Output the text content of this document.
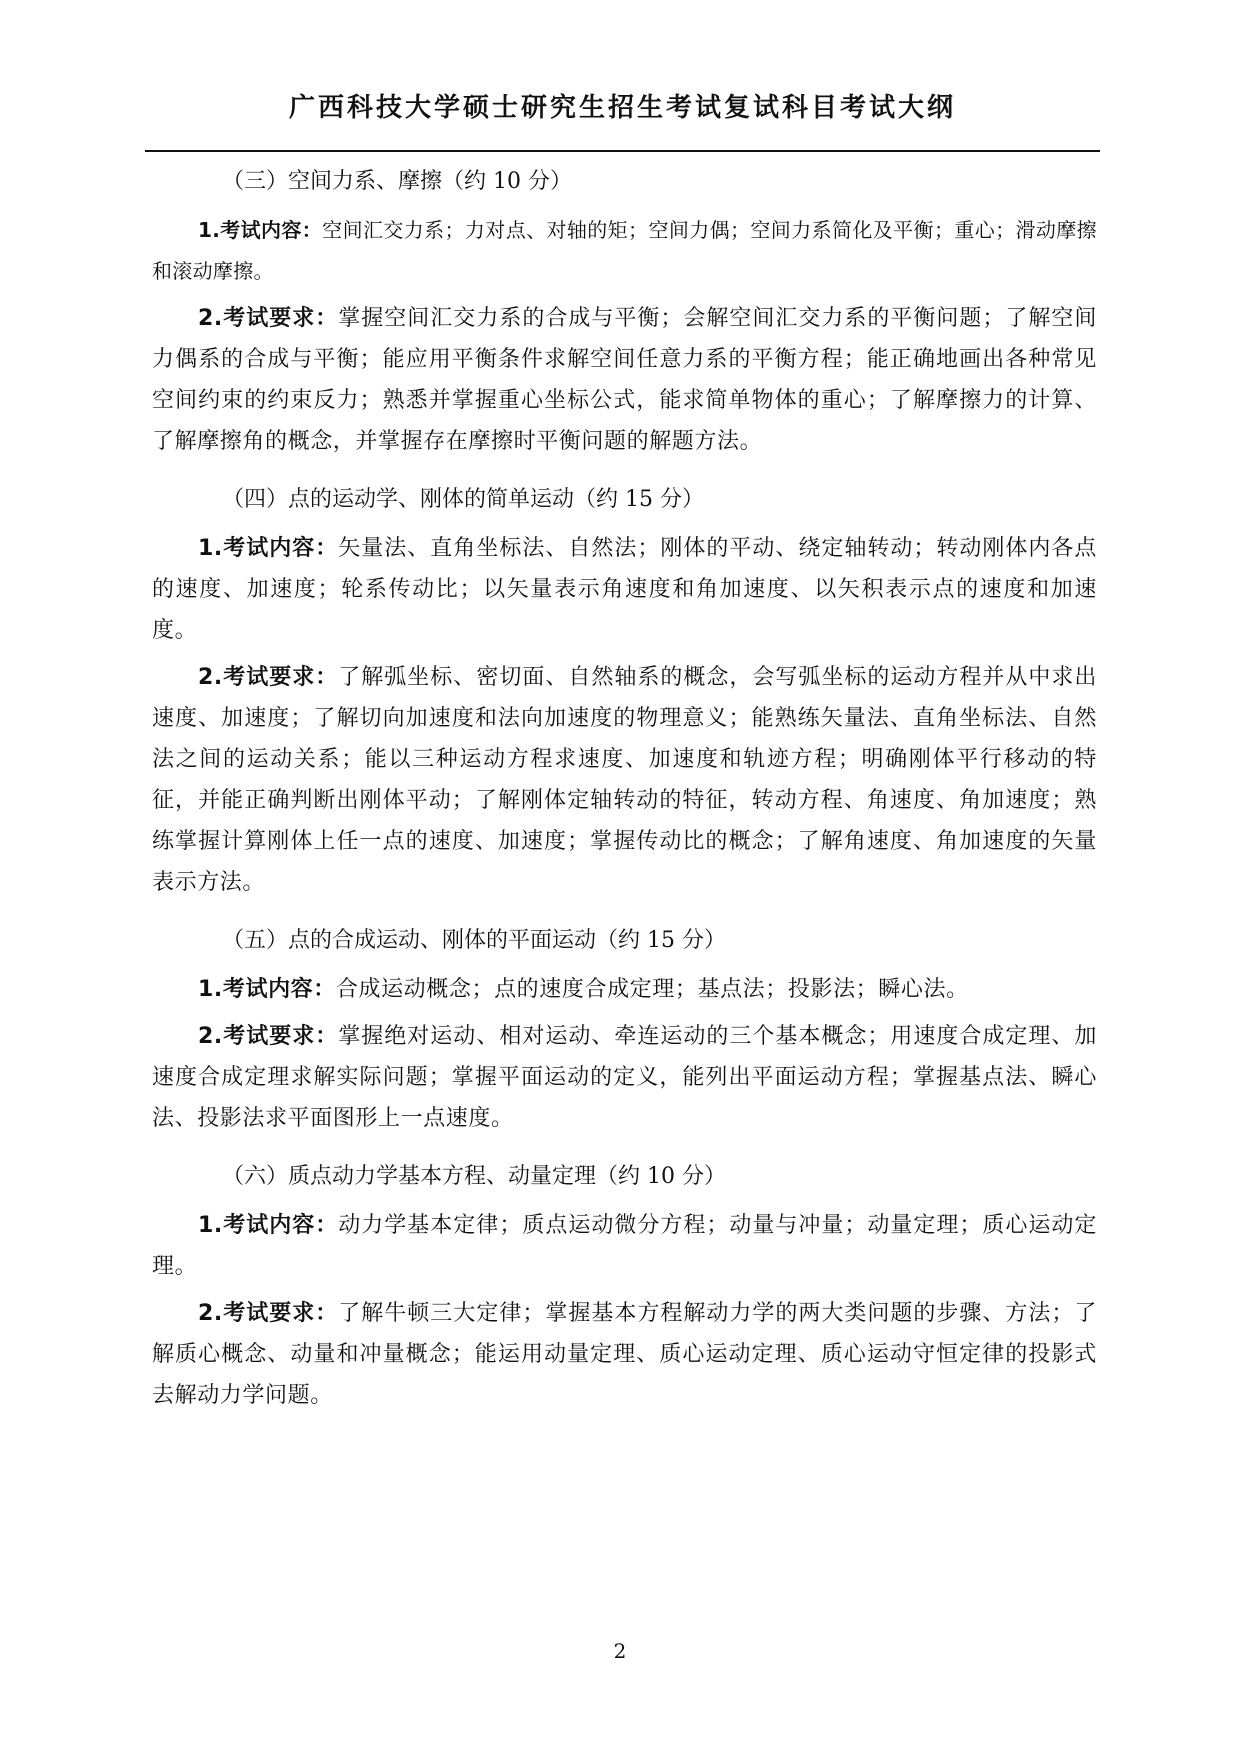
广西科技大学硕士研究生招生考试复试科目考试大纲

（三）空间力系、摩擦（约 10 分）

1.考试内容：空间汇交力系；力对点、对轴的矩；空间力偶；空间力系简化及平衡；重心；滑动摩擦和滚动摩擦。

2.考试要求：掌握空间汇交力系的合成与平衡；会解空间汇交力系的平衡问题；了解空间力偶系的合成与平衡；能应用平衡条件求解空间任意力系的平衡方程；能正确地画出各种常见空间约束的约束反力；熟悉并掌握重心坐标公式，能求简单物体的重心；了解摩擦力的计算、了解摩擦角的概念，并掌握存在摩擦时平衡问题的解题方法。

（四）点的运动学、刚体的简单运动（约 15 分）

1.考试内容：矢量法、直角坐标法、自然法；刚体的平动、绕定轴转动；转动刚体内各点的速度、加速度；轮系传动比；以矢量表示角速度和角加速度、以矢积表示点的速度和加速度。

2.考试要求：了解弧坐标、密切面、自然轴系的概念，会写弧坐标的运动方程并从中求出速度、加速度；了解切向加速度和法向加速度的物理意义；能熟练矢量法、直角坐标法、自然法之间的运动关系；能以三种运动方程求速度、加速度和轨迹方程；明确刚体平行移动的特征，并能正确判断出刚体平动；了解刚体定轴转动的特征，转动方程、角速度、角加速度；熟练掌握计算刚体上任一点的速度、加速度；掌握传动比的概念；了解角速度、角加速度的矢量表示方法。

（五）点的合成运动、刚体的平面运动（约 15 分）

1.考试内容：合成运动概念；点的速度合成定理；基点法；投影法；瞬心法。

2.考试要求：掌握绝对运动、相对运动、牵连运动的三个基本概念；用速度合成定理、加速度合成定理求解实际问题；掌握平面运动的定义，能列出平面运动方程；掌握基点法、瞬心法、投影法求平面图形上一点速度。

（六）质点动力学基本方程、动量定理（约 10 分）

1.考试内容：动力学基本定律；质点运动微分方程；动量与冲量；动量定理；质心运动定理。

2.考试要求：了解牛顿三大定律；掌握基本方程解动力学的两大类问题的步骤、方法；了解质心概念、动量和冲量概念；能运用动量定理、质心运动定理、质心运动守恒定律的投影式去解动力学问题。

2
